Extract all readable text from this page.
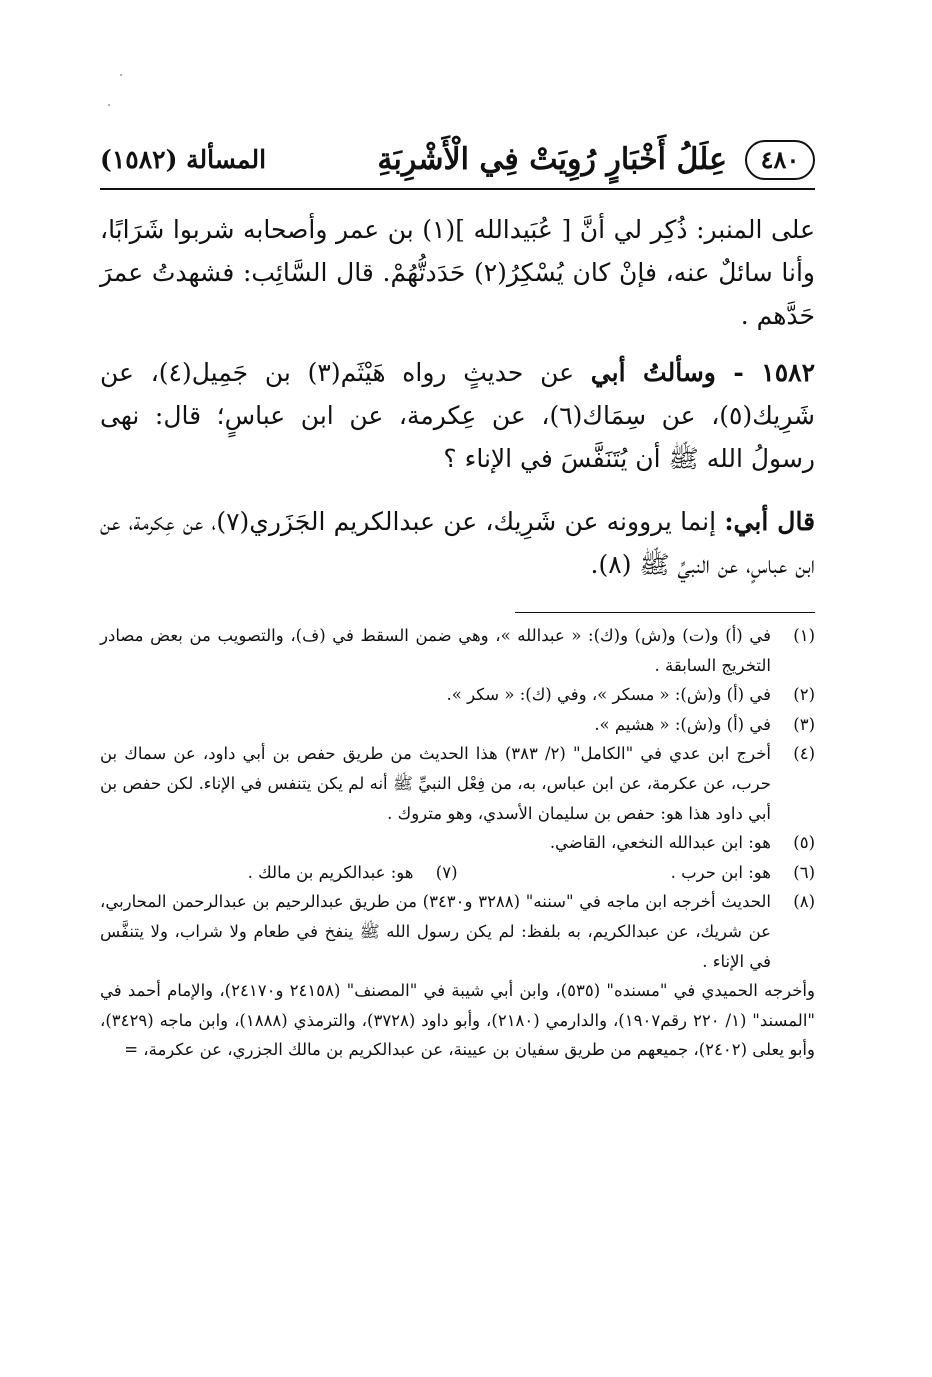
٤٨٠
عِلَلُ أَخْبَارٍ رُوِيَتْ فِي الْأَشْرِبَةِ
المسألة (١٥٨٢)

على المنبر: ذُكِر لي أنَّ [ عُبَيدالله ](١) بن عمر وأصحابه شربوا شَرَابًا، وأنا سائلٌ عنه، فإنْ كان يُسْكِرُ(٢) حَدَدتُّهُمْ. قال السَّائِب: فشهدتُ عمرَ حَدَّهم .

١٥٨٢ - وسألتُ أبي عن حديثٍ رواه هَيْثَم(٣) بن جَمِيل(٤)، عن شَرِيك(٥)، عن سِمَاك(٦)، عن عِكرمة، عن ابن عباسٍ؛ قال: نهى رسولُ الله ﷺ أن يُتَنَفَّسَ في الإناء ؟

قال أبي: إنما يروونه عن شَرِيك، عن عبدالكريم الجَزَري(٧)، عن عِكرمة، عن ابن عباسٍ، عن النبيِّ ﷺ (٨).

(١)
في (أ) و(ت) و(ش) و(ك): « عبدالله »، وهي ضمن السقط في (ف)، والتصويب من بعض مصادر التخريج السابقة .
(٢)
في (أ) و(ش): « مسكر »، وفي (ك): « سكر ».
(٣)
في (أ) و(ش): « هشيم ».
(٤)
أخرج ابن عدي في "الكامل" (٢/ ٣٨٣) هذا الحديث من طريق حفص بن أبي داود، عن سماك بن حرب، عن عكرمة، عن ابن عباس، به، من فِعْل النبيِّ ﷺ أنه لم يكن يتنفس في الإناء. لكن حفص بن أبي داود هذا هو: حفص بن سليمان الأسدي، وهو متروك .
(٥)
هو: ابن عبدالله النخعي، القاضي.
(٦)
هو: ابن حرب .
(٧)
هو: عبدالكريم بن مالك .
(٨)
الحديث أخرجه ابن ماجه في "سننه" (٣٢٨٨ و٣٤٣٠) من طريق عبدالرحيم بن عبدالرحمن المحاربي، عن شريك، عن عبدالكريم، به بلفظ: لم يكن رسول الله ﷺ ينفخ في طعام ولا شراب، ولا يتنفَّس في الإناء .
وأخرجه الحميدي في "مسنده" (٥٣٥)، وابن أبي شيبة في "المصنف" (٢٤١٥٨ و٢٤١٧٠)، والإمام أحمد في "المسند" (١/ ٢٢٠ رقم١٩٠٧)، والدارمي (٢١٨٠)، وأبو داود (٣٧٢٨)، والترمذي (١٨٨٨)، وابن ماجه (٣٤٢٩)، وأبو يعلى (٢٤٠٢)، جميعهم من طريق سفيان بن عيينة، عن عبدالكريم بن مالك الجزري، عن عكرمة، =
